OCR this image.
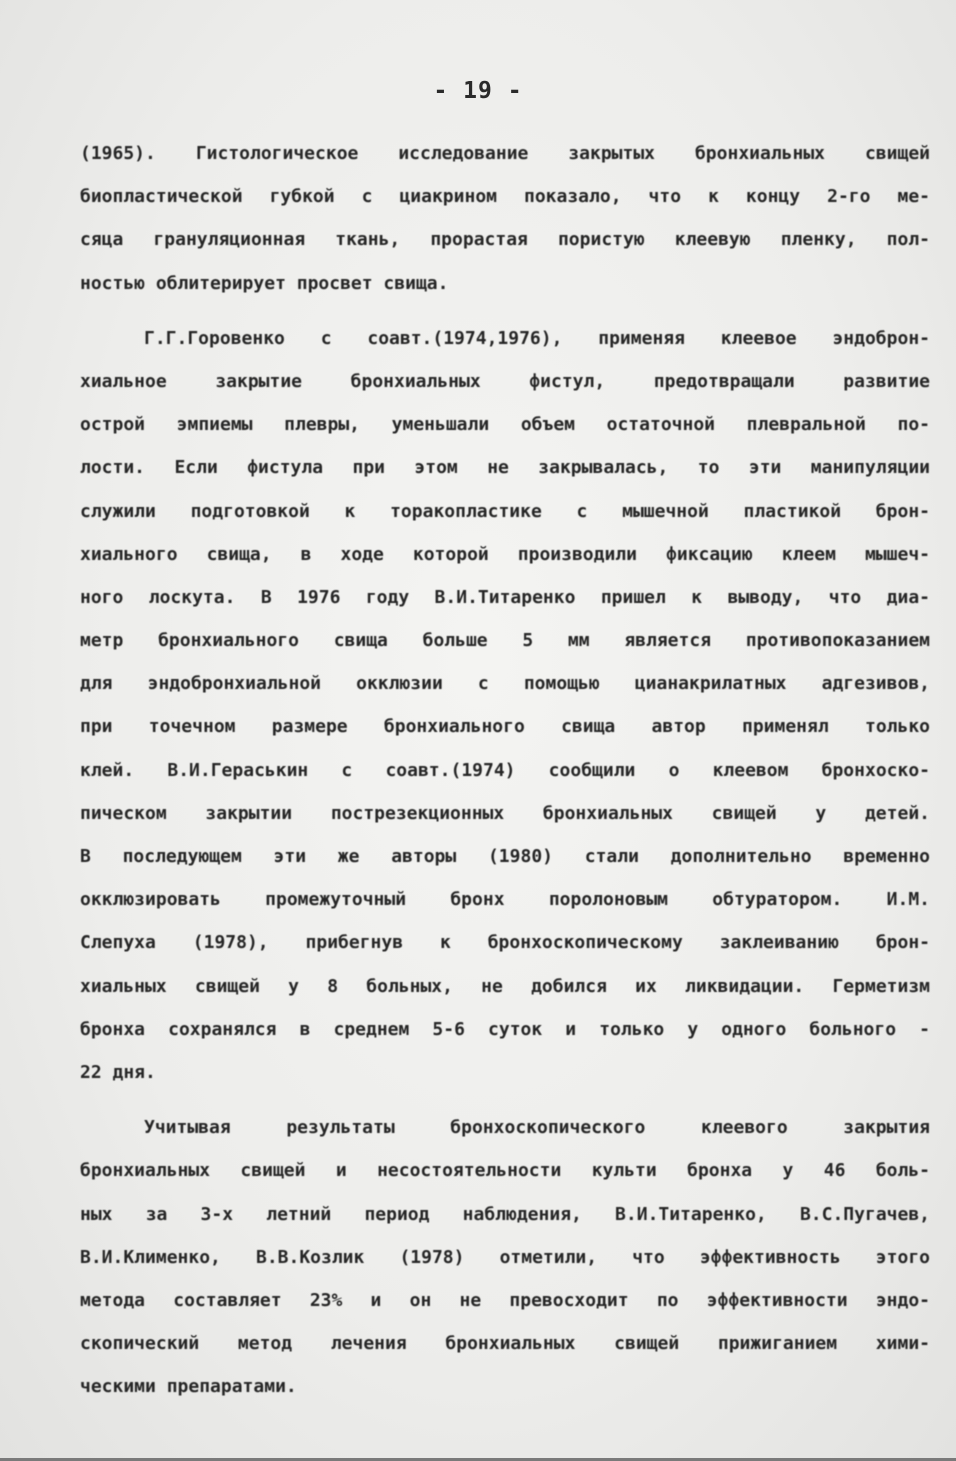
- 19 -
(1965). Гистологическое исследование закрытых бронхиальных свищей
биопластической губкой с циакрином показало, что к концу 2-го ме-
сяца грануляционная ткань, прорастая пористую клеевую пленку, пол-
ностью облитерирует просвет свища.
Г.Г.Горовенко с соавт.(1974,1976), применяя клеевое эндоброн-
хиальное закрытие бронхиальных фистул, предотвращали развитие
острой эмпиемы плевры, уменьшали объем остаточной плевральной по-
лости. Если фистула при этом не закрывалась, то эти манипуляции
служили подготовкой к торакопластике с мышечной пластикой брон-
хиального свища, в ходе которой производили фиксацию клеем мышеч-
ного лоскута. В 1976 году В.И.Титаренко пришел к выводу, что диа-
метр бронхиального свища больше 5 мм является противопоказанием
для эндобронхиальной окклюзии с помощью цианакрилатных адгезивов,
при точечном размере бронхиального свища автор применял только
клей. В.И.Гераськин с соавт.(1974) сообщили о клеевом бронхоско-
пическом закрытии пострезекционных бронхиальных свищей у детей.
В последующем эти же авторы (1980) стали дополнительно временно
окклюзировать промежуточный бронх поролоновым обтуратором. И.М.
Слепуха (1978), прибегнув к бронхоскопическому заклеиванию брон-
хиальных свищей у 8 больных, не добился их ликвидации. Герметизм
бронха сохранялся в среднем 5-6 суток и только у одного больного -
22 дня.
Учитывая результаты бронхоскопического клеевого закрытия
бронхиальных свищей и несостоятельности культи бронха у 46 боль-
ных за 3-х летний период наблюдения, В.И.Титаренко, В.С.Пугачев,
В.И.Клименко, В.В.Козлик (1978) отметили, что эффективность этого
метода составляет 23% и он не превосходит по эффективности эндо-
скопический метод лечения бронхиальных свищей прижиганием хими-
ческими препаратами.
